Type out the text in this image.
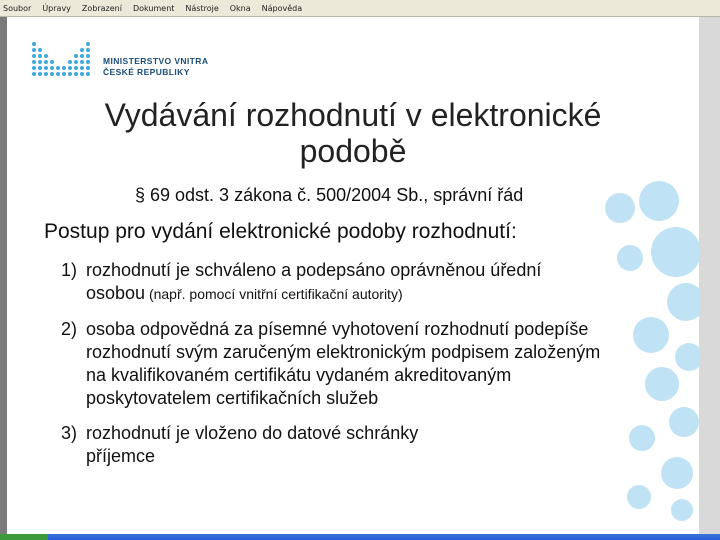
Soubor Úpravy Zobrazení Dokument Nástroje Okna Nápověda
MINISTERSTVO VNITRA
ČESKÉ REPUBLIKY
Vydávání rozhodnutí v elektronické
podobě
§ 69 odst. 3 zákona č. 500/2004 Sb., správní řád
Postup pro vydání elektronické podoby rozhodnutí:
1) rozhodnutí je schváleno a podepsáno oprávněnou úřední
osobou (např. pomocí vnitřní certifikační autority)
2) osoba odpovědná za písemné vyhotovení rozhodnutí podepíše
rozhodnutí svým zaručeným elektronickým podpisem založeným
na kvalifikovaném certifikátu vydaném akreditovaným
poskytovatelem certifikačních služeb
3) rozhodnutí je vloženo do datové schránky
příjemce
